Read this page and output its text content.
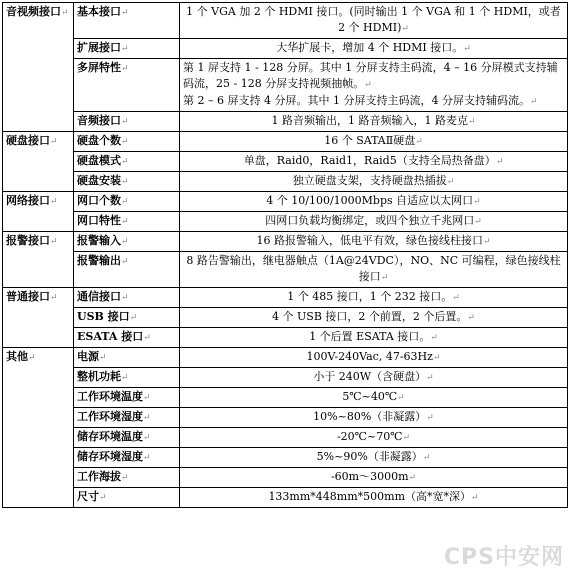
音视频接口↵	基本接口↵	1 个 VGA 加 2 个 HDMI 接口。(同时输出 1 个 VGA 和 1 个 HDMI，或者 2 个 HDMI)↵
	扩展接口↵	大华扩展卡，增加 4 个 HDMI 接口。↵
	多屏特性↵	第 1 屏支持 1 - 128 分屏。其中 1 分屏支持主码流，4 – 16 分屏模式支持辅码流，25 - 128 分屏支持视频抽帧。↵
第 2 – 6 屏支持 4 分屏。其中 1 分屏支持主码流，4 分屏支持辅码流。↵
	音频接口↵	1 路音频输出，1 路音频输入，1 路麦克↵
硬盘接口↵	硬盘个数↵	16 个 SATAⅡ硬盘↵
	硬盘模式↵	单盘，Raid0，Raid1，Raid5（支持全局热备盘）↵
	硬盘安装↵	独立硬盘支架，支持硬盘热插拔↵
网络接口↵	网口个数↵	4 个 10/100/1000Mbps 自适应以太网口↵
	网口特性↵	四网口负载均衡绑定，或四个独立千兆网口↵
报警接口↵	报警输入↵	16 路报警输入，低电平有效，绿色接线柱接口↵
	报警输出↵	8 路告警输出，继电器触点（1A@24VDC），NO、NC 可编程，绿色接线柱接口↵
普通接口↵	通信接口↵	1 个 485 接口，1 个 232 接口。↵
	USB 接口↵	4 个 USB 接口，2 个前置，2 个后置。↵
	ESATA 接口↵	1 个后置 ESATA 接口。↵
其他↵	电源↵	100V-240Vac, 47-63Hz↵
	整机功耗↵	小于 240W（含硬盘）↵
	工作环境温度↵	5℃~40℃↵
	工作环境湿度↵	10%~80%（非凝露）↵
	储存环境温度↵	-20℃~70℃↵
	储存环境湿度↵	5%~90%（非凝露）↵
	工作海拔↵	-60m～3000m↵
	尺寸↵	133mm*448mm*500mm（高*宽*深）↵
CPS中安网
